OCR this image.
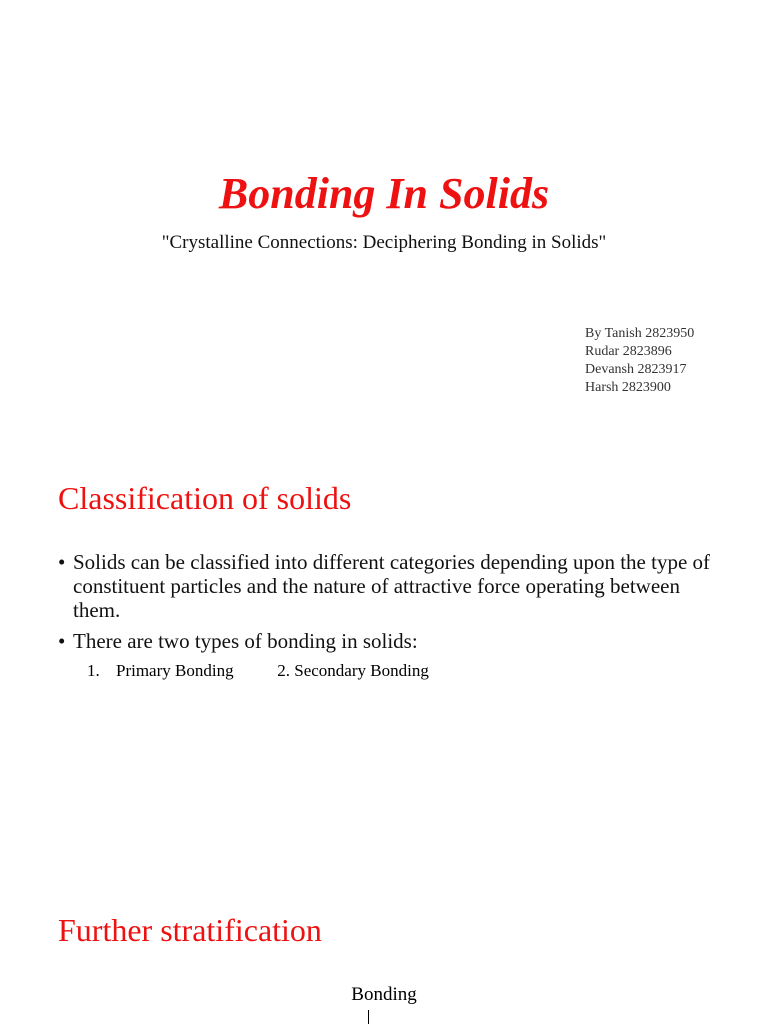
Bonding In Solids
"Crystalline Connections: Deciphering Bonding in Solids"
By Tanish 2823950
Rudar 2823896
Devansh 2823917
Harsh 2823900
Classification of solids
• Solids can be classified into different categories depending upon the type of constituent particles and the nature of attractive force operating between them.
• There are two types of bonding in solids:
1. Primary Bonding	2. Secondary Bonding
Further stratification
Bonding
